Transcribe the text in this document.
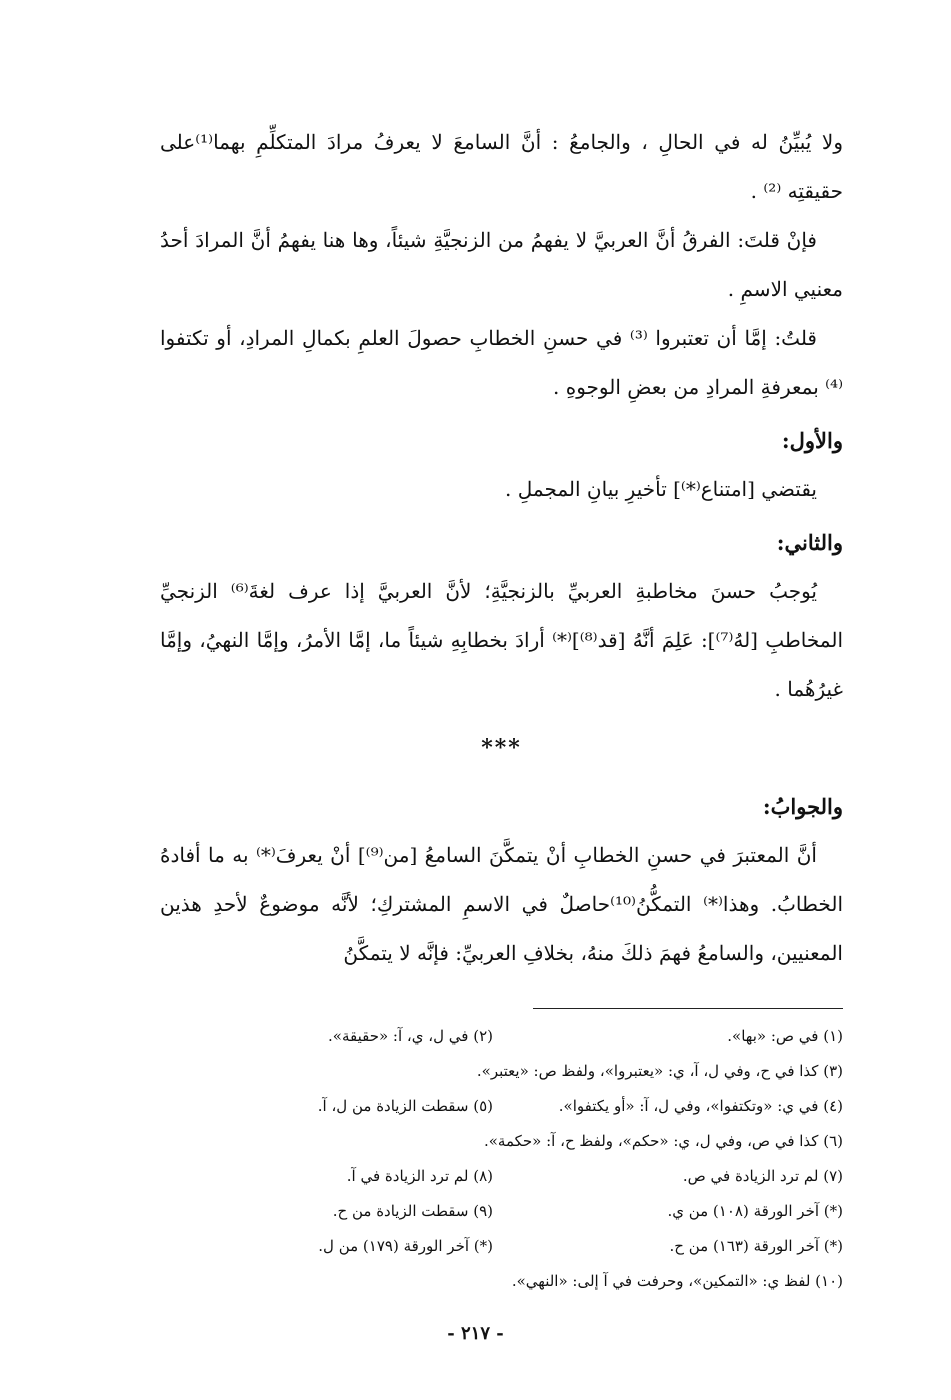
ولا يُبيِّنُ له في الحالِ ، والجامعُ : أنَّ السامعَ لا يعرفُ مرادَ المتكلِّمِ بهما⁽¹⁾على حقيقتِه ⁽²⁾ .

فإنْ قلتَ: الفرقُ أنَّ العربيَّ لا يفهمُ من الزنجيَّةِ شيئاً، وها هنا يفهمُ أنَّ المرادَ أحدُ معنيي الاسمِ .

قلتُ: إمَّا أن تعتبروا ⁽³⁾ في حسنِ الخطابِ حصولَ العلمِ بكمالِ المرادِ، أو تكتفوا ⁽⁴⁾ بمعرفةِ المرادِ من بعضِ الوجوهِ .

والأول:

يقتضي [امتناع⁽*⁾] تأخيرِ بيانِ المجملِ .

والثاني:

يُوجبُ حسنَ مخاطبةِ العربيِّ بالزنجيَّةِ؛ لأنَّ العربيَّ إذا عرف لغةَ⁽⁶⁾ الزنجيِّ المخاطبِ [لهُ⁽⁷⁾]: عَلِمَ أنَّهُ [قد⁽⁸⁾]⁽*⁾ أرادَ بخطابِهِ شيئاً ما، إمَّا الأمرُ، وإمَّا النهيُ، وإمَّا غيرُهُما .

***

والجوابُ:

أنَّ المعتبرَ في حسنِ الخطابِ أنْ يتمكَّنَ السامعُ [من⁽⁹⁾] أنْ يعرفَ⁽*⁾ به ما أفادهُ الخطابُ. وهذا⁽*⁾ التمكُّنُ⁽¹⁰⁾حاصلٌ في الاسمِ المشتركِ؛ لأنَّه موضوعٌ لأحدِ هذين المعنيين، والسامعُ فهمَ ذلكَ منهُ، بخلافِ العربيِّ: فإنَّه لا يتمكَّنُ

(١) في ص: «بها».
(٢) في ل، ي، آ: «حقيقة».
(٣) كذا في ح، وفي ل، آ، ي: «يعتبروا»، ولفظ ص: «يعتبر».
(٤) في ي: «وتكتفوا»، وفي ل، آ: «أو يكتفوا».
(٥) سقطت الزيادة من ل، آ.
(٦) كذا في ص، وفي ل، ي: «حكم»، ولفظ ح، آ: «حكمة».
(٧) لم ترد الزيادة في ص.
(٨) لم ترد الزيادة في آ.
(*) آخر الورقة (١٠٨) من ي.
(٩) سقطت الزيادة من ح.
(*) آخر الورقة (١٦٣) من ح.
(*) آخر الورقة (١٧٩) من ل.
(١٠) لفظ ي: «التمكين»، وحرفت في آ إلى: «النهي».
- ٢١٧ -
